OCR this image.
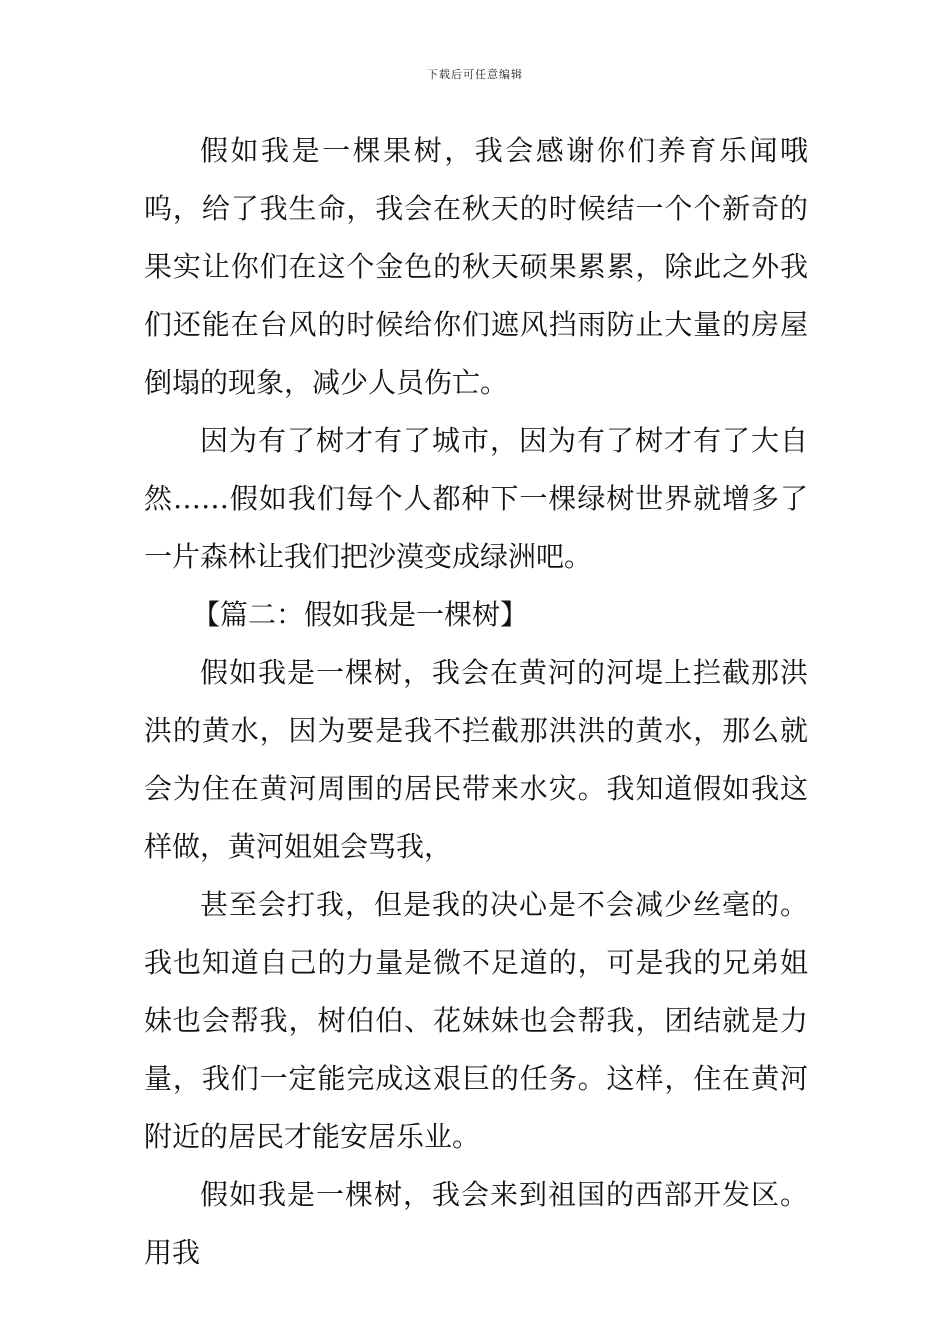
下载后可任意编辑

假如我是一棵果树，我会感谢你们养育乐闻哦呜，给了我生命，我会在秋天的时候结一个个新奇的果实让你们在这个金色的秋天硕果累累，除此之外我们还能在台风的时候给你们遮风挡雨防止大量的房屋倒塌的现象，减少人员伤亡。

因为有了树才有了城市，因为有了树才有了大自然……假如我们每个人都种下一棵绿树世界就增多了一片森林让我们把沙漠变成绿洲吧。

【篇二：假如我是一棵树】

假如我是一棵树，我会在黄河的河堤上拦截那洪洪的黄水，因为要是我不拦截那洪洪的黄水，那么就会为住在黄河周围的居民带来水灾。我知道假如我这样做，黄河姐姐会骂我，

甚至会打我，但是我的决心是不会减少丝毫的。我也知道自己的力量是微不足道的，可是我的兄弟姐妹也会帮我，树伯伯、花妹妹也会帮我，团结就是力量，我们一定能完成这艰巨的任务。这样，住在黄河附近的居民才能安居乐业。

假如我是一棵树，我会来到祖国的西部开发区。用我
